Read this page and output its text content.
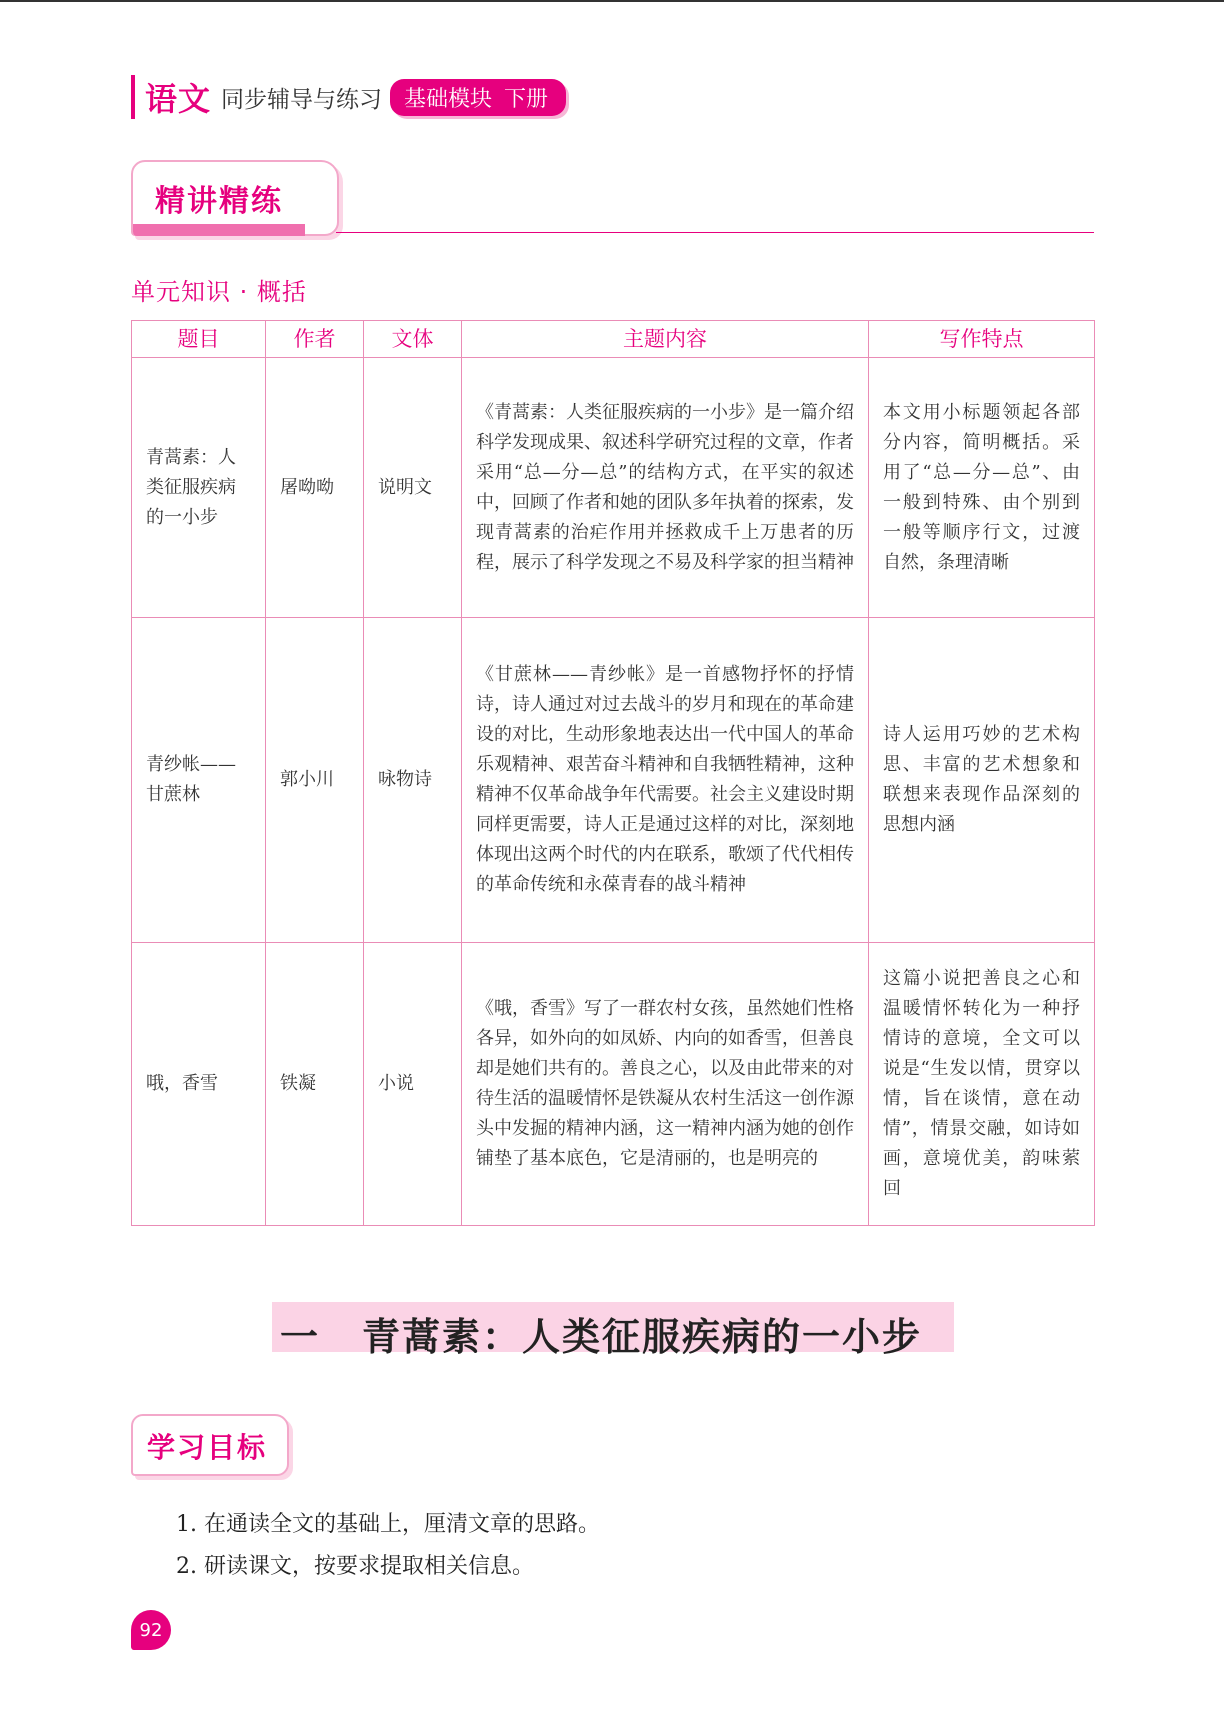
语文 同步辅导与练习	基础模块 下册
精讲精练
单元知识 · 概括
题目	作者	文体	主题内容	写作特点
青蒿素：人类征服疾病的一小步	屠呦呦	说明文	《青蒿素：人类征服疾病的一小步》是一篇介绍科学发现成果、叙述科学研究过程的文章，作者采用“总—分—总”的结构方式，在平实的叙述中，回顾了作者和她的团队多年执着的探索，发现青蒿素的治疟作用并拯救成千上万患者的历程，展示了科学发现之不易及科学家的担当精神	本文用小标题领起各部分内容，简明概括。采用了“总—分—总”、由一般到特殊、由个别到一般等顺序行文，过渡自然，条理清晰
青纱帐——甘蔗林	郭小川	咏物诗	《甘蔗林——青纱帐》是一首感物抒怀的抒情诗，诗人通过对过去战斗的岁月和现在的革命建设的对比，生动形象地表达出一代中国人的革命乐观精神、艰苦奋斗精神和自我牺牲精神，这种精神不仅革命战争年代需要。社会主义建设时期同样更需要，诗人正是通过这样的对比，深刻地体现出这两个时代的内在联系，歌颂了代代相传的革命传统和永葆青春的战斗精神	诗人运用巧妙的艺术构思、丰富的艺术想象和联想来表现作品深刻的思想内涵
哦，香雪	铁凝	小说	《哦，香雪》写了一群农村女孩，虽然她们性格各异，如外向的如凤娇、内向的如香雪，但善良却是她们共有的。善良之心，以及由此带来的对待生活的温暖情怀是铁凝从农村生活这一创作源头中发掘的精神内涵，这一精神内涵为她的创作铺垫了基本底色，它是清丽的，也是明亮的	这篇小说把善良之心和温暖情怀转化为一种抒情诗的意境，全文可以说是“生发以情，贯穿以情，旨在谈情，意在动情”，情景交融，如诗如画，意境优美，韵味萦回
一 青蒿素：人类征服疾病的一小步
学习目标
1. 在通读全文的基础上，厘清文章的思路。
2. 研读课文，按要求提取相关信息。
92
